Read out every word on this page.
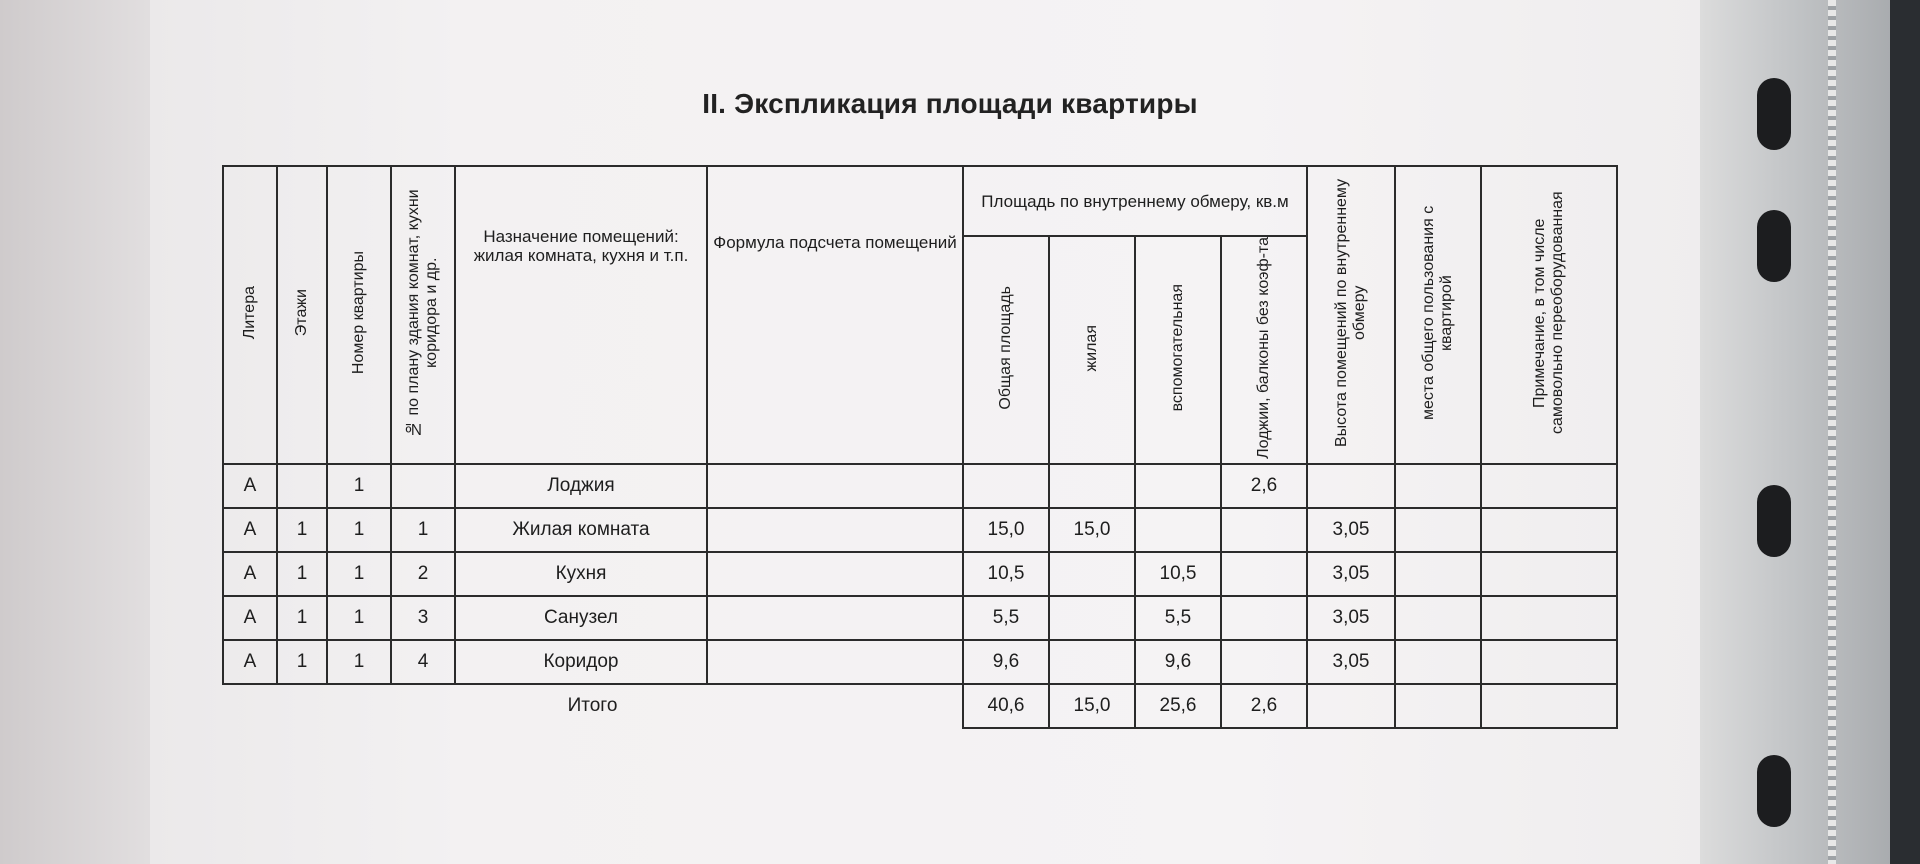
II. Экспликация площади квартиры
Литера	Этажи	Номер квартиры	№ по плану здания комнат, кухни коридора и др.	Назначение помещений: жилая комната, кухня и т.п.	Формула подсчета помещений	Площадь по внутреннему обмеру, кв.м				Высота помещений по внутреннему обмеру	места общего пользования с квартирой	Примечание, в том числе самовольно переоборудованная
						Общая площадь	жилая	вспомогательная	Лоджии, балконы без коэф-та			
А		1		Лоджия					2,6			
А	1	1	1	Жилая комната		15,0	15,0			3,05		
А	1	1	2	Кухня		10,5		10,5		3,05		
А	1	1	3	Санузел		5,5		5,5		3,05		
А	1	1	4	Коридор		9,6		9,6		3,05		
Итого						40,6	15,0	25,6	2,6			
